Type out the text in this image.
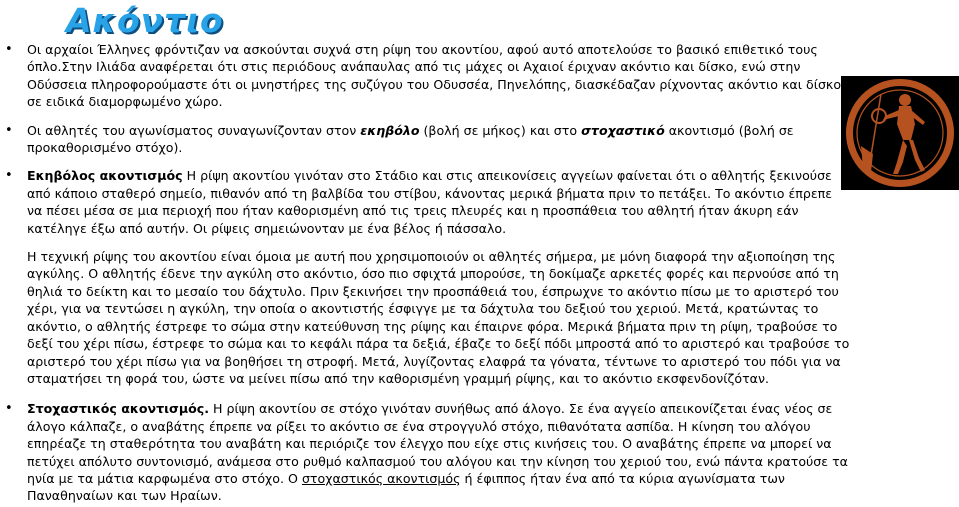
Ακόντιο

• Οι αρχαίοι Έλληνες φρόντιζαν να ασκούνται συχνά στη ρίψη του ακοντίου, αφού αυτό αποτελούσε το βασικό επιθετικό τους όπλο.Στην Ιλιάδα αναφέρεται ότι στις περιόδους ανάπαυλας από τις μάχες οι Αχαιοί έριχναν ακόντιο και δίσκο, ενώ στην Οδύσσεια πληροφορούμαστε ότι οι μνηστήρες της συζύγου του Οδυσσέα, Πηνελόπης, διασκέδαζαν ρίχνοντας ακόντιο και δίσκο σε ειδικά διαμορφωμένο χώρο.

• Οι αθλητές του αγωνίσματος συναγωνίζονταν στον εκηβόλο (βολή σε μήκος) και στο στοχαστικό ακοντισμό (βολή σε προκαθορισμένο στόχο).

• Εκηβόλος ακοντισμός Η ρίψη ακοντίου γινόταν στο Στάδιο και στις απεικονίσεις αγγείων φαίνεται ότι ο αθλητής ξεκινούσε από κάποιο σταθερό σημείο, πιθανόν από τη βαλβίδα του στίβου, κάνοντας μερικά βήματα πριν το πετάξει. Το ακόντιο έπρεπε να πέσει μέσα σε μια περιοχή που ήταν καθορισμένη από τις τρεις πλευρές και η προσπάθεια του αθλητή ήταν άκυρη εάν κατέληγε έξω από αυτήν. Οι ρίψεις σημειώνονταν με ένα βέλος ή πάσσαλο.

Η τεχνική ρίψης του ακοντίου είναι όμοια με αυτή που χρησιμοποιούν οι αθλητές σήμερα, με μόνη διαφορά την αξιοποίηση της αγκύλης. Ο αθλητής έδενε την αγκύλη στο ακόντιο, όσο πιο σφιχτά μπορούσε, τη δοκίμαζε αρκετές φορές και περνούσε από τη θηλιά το δείκτη και το μεσαίο του δάχτυλο. Πριν ξεκινήσει την προσπάθειά του, έσπρωχνε το ακόντιο πίσω με το αριστερό του χέρι, για να τεντώσει η αγκύλη, την οποία ο ακοντιστής έσφιγγε με τα δάχτυλα του δεξιού του χεριού. Μετά, κρατώντας το ακόντιο, ο αθλητής έστρεφε το σώμα στην κατεύθυνση της ρίψης και έπαιρνε φόρα. Μερικά βήματα πριν τη ρίψη, τραβούσε το δεξί του χέρι πίσω, έστρεφε το σώμα και το κεφάλι πάρα τα δεξιά, έβαζε το δεξί πόδι μπροστά από το αριστερό και τραβούσε το αριστερό του χέρι πίσω για να βοηθήσει τη στροφή. Μετά, λυγίζοντας ελαφρά τα γόνατα, τέντωνε το αριστερό του πόδι για να σταματήσει τη φορά του, ώστε να μείνει πίσω από την καθορισμένη γραμμή ρίψης, και το ακόντιο εκσφενδονίζόταν.

• Στοχαστικός ακοντισμός. Η ρίψη ακοντίου σε στόχο γινόταν συνήθως από άλογο. Σε ένα αγγείο απεικονίζεται ένας νέος σε άλογο κάλπαζε, ο αναβάτης έπρεπε να ρίξει το ακόντιο σε ένα στρογγυλό στόχο, πιθανότατα ασπίδα. Η κίνηση του αλόγου επηρέαζε τη σταθερότητα του αναβάτη και περιόριζε τον έλεγχο που είχε στις κινήσεις του. Ο αναβάτης έπρεπε να μπορεί να πετύχει απόλυτο συντονισμό, ανάμεσα στο ρυθμό καλπασμού του αλόγου και την κίνηση του χεριού του, ενώ πάντα κρατούσε τα ηνία με τα μάτια καρφωμένα στο στόχο. Ο στοχαστικός ακοντισμός ή έφιππος ήταν ένα από τα κύρια αγωνίσματα των Παναθηναίων και των Ηραίων.
